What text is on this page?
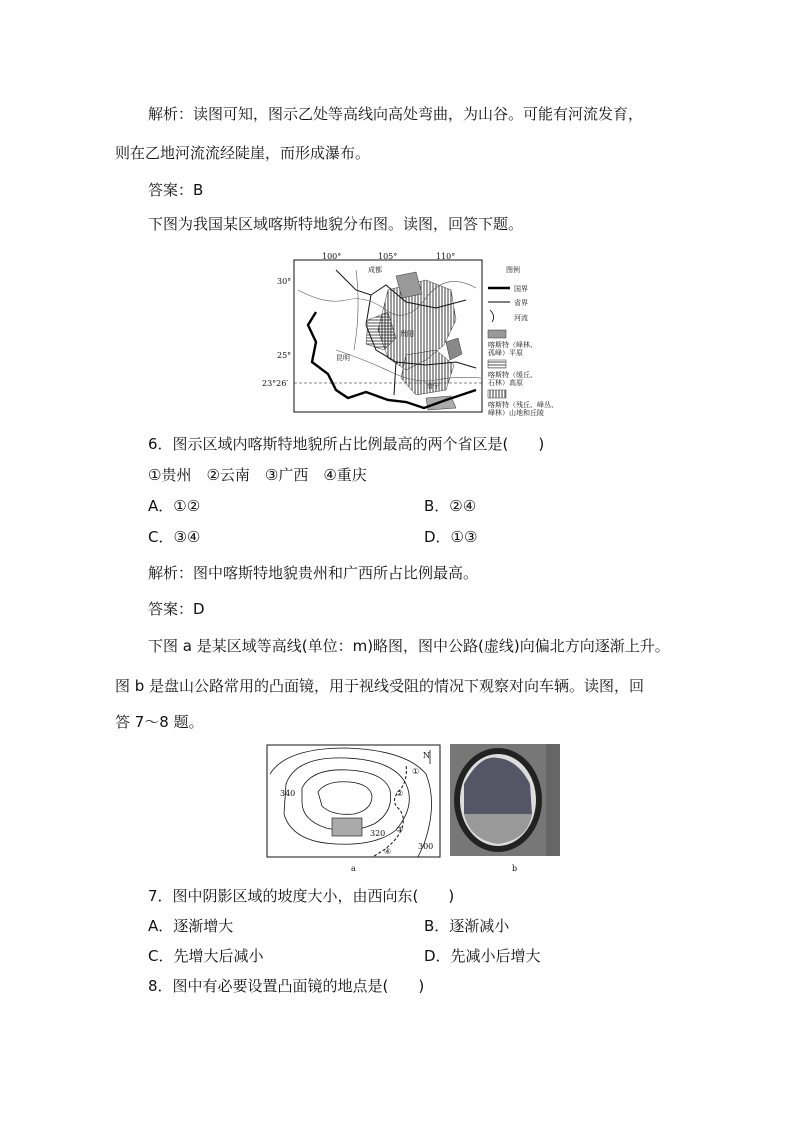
解析：读图可知，图示乙处等高线向高处弯曲，为山谷。可能有河流发育，
则在乙地河流流经陡崖，而形成瀑布。
答案：B
下图为我国某区域喀斯特地貌分布图。读图，回答下题。
100°	105°	110°
30°
25°
23°26′
成都
贵阳
昆明
南宁
图例
国界
省界
河流
喀斯特（峰林、
孤峰）平原
喀斯特（缓丘、
石林）高原
喀斯特（残丘、峰丛、
峰林）山地和丘陵
6．图示区域内喀斯特地貌所占比例最高的两个省区是(　　)
①贵州　②云南　③广西　④重庆
A．①②	B．②④
C．③④	D．①③
解析：图中喀斯特地貌贵州和广西所占比例最高。
答案：D
下图 a 是某区域等高线(单位：m)略图，图中公路(虚线)向偏北方向逐渐上升。
图 b 是盘山公路常用的凸面镜，用于视线受阻的情况下观察对向车辆。读图，回
答 7～8 题。
340
320
300
①
②
③
④
N
a	b
7．图中阴影区域的坡度大小，由西向东(　　)
A．逐渐增大	B．逐渐减小
C．先增大后减小	D．先减小后增大
8．图中有必要设置凸面镜的地点是(　　)
